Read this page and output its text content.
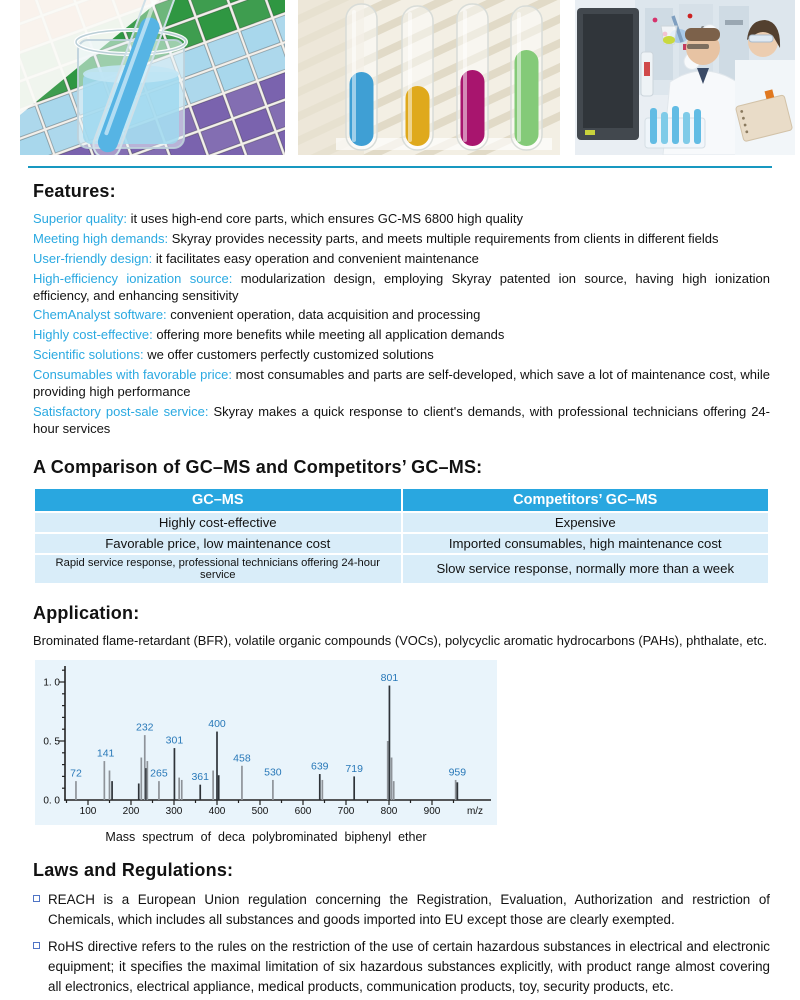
Features:

Superior quality: it uses high-end core parts, which ensures GC-MS 6800 high quality

Meeting high demands: Skyray provides necessity parts, and meets multiple requirements from clients in different fields

User-friendly design: it facilitates easy operation and convenient maintenance

High-efficiency ionization source: modularization design, employing Skyray patented ion source, having high ionization efficiency, and enhancing sensitivity

ChemAnalyst software: convenient operation, data acquisition and processing

Highly cost-effective: offering more benefits while meeting all application demands

Scientific solutions: we offer customers perfectly customized solutions

Consumables with favorable price: most consumables and parts are self-developed, which save a lot of maintenance cost, while providing high performance

Satisfactory post-sale service: Skyray makes a quick response to client's demands, with professional technicians offering 24-hour services

A Comparison of GC–MS and Competitors’ GC–MS:
GC–MS	Competitors’ GC–MS
Highly cost-effective	Expensive
Favorable price, low maintenance cost	Imported consumables, high maintenance cost
Rapid service response, professional technicians offering 24-hour service	Slow service response, normally more than a week
Application:

Brominated flame-retardant (BFR), volatile organic compounds (VOCs), polycyclic aromatic hydrocarbons (PAHs), phthalate, etc.

0. 0
0. 5
1. 0
100	200	300	400	500	600	700	800	900	m/z
72
141
232
265
301
361
400
458
530	639 719
801
959
Mass spectrum of deca polybrominated biphenyl ether
Laws and Regulations:

REACH is a European Union regulation concerning the Registration, Evaluation, Authorization and restriction of Chemicals, which includes all substances and goods imported into EU except those are clearly exempted.

RoHS directive refers to the rules on the restriction of the use of certain hazardous substances in electrical and electronic equipment; it specifies the maximal limitation of six hazardous substances explicitly, with product range almost covering all electronics, electrical appliance, medical products, communication products, toy, security products, etc.
